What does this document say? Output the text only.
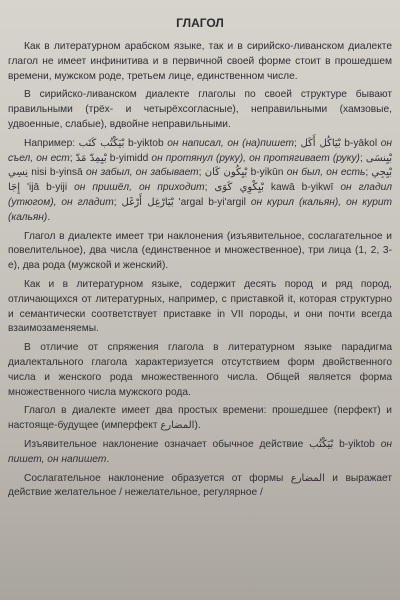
ГЛАГОЛ

Как в литературном арабском языке, так и в сирийско-ливанском диалекте глагол не имеет инфинитива и в первичной своей форме стоит в прошедшем времени, мужском роде, третьем лице, единственном числе.

В сирийско-ливанском диалекте глаголы по своей структуре бывают правильными (трёх- и четырёхсогласные), неправильными (хамзовые, удвоенные, слабые), вдвойне неправильными.

Например: بْيَكْتُب كَتَب b-yiktob он написал, он (на)пишет; بْيَاكُل أَكَل b-yākol он съел, он ест; بْيِمِدّ مَدّ b-yimidd он протянул (руку), он протягивает (руку); بْيِنسَى نِسِي nisi b-yinsā он забыл, он забывает; بْيِكُون كَان b-yikūn он был, он есть; بْيِجِي إِجَا 'ijā b-yiji он пришёл, он приходит; بْيِكْوِي كَوَى kawā b-yikwī он гладил (утюгом), он гладит; بْيَارْغِل أَرْغَل 'argal b-yi'argil он курил (кальян), он курит (кальян).

Глагол в диалекте имеет три наклонения (изъявительное, сослагательное и повелительное), два числа (единственное и множественное), три лица (1, 2, 3-е), два рода (мужской и женский).

Как и в литературном языке, содержит десять пород и ряд пород, отличающихся от литературных, например, с приставкой it, которая структурно и семантически соответствует приставке in VII породы, и они почти всегда взаимозаменяемы.

В отличие от спряжения глагола в литературном языке парадигма диалектального глагола характеризуется отсутствием форм двойственного числа и женского рода множественного числа. Общей является форма множественного числа мужского рода.

Глагол в диалекте имеет два простых времени: прошедшее (перфект) и настояще-будущее (имперфект المضارع).

Изъявительное наклонение означает обычное действие بْيَكْتُب b-yiktob он пишет, он напишет.

Сослагательное наклонение образуется от формы المضارع и выражает действие желательное / нежелательное, регулярное /
